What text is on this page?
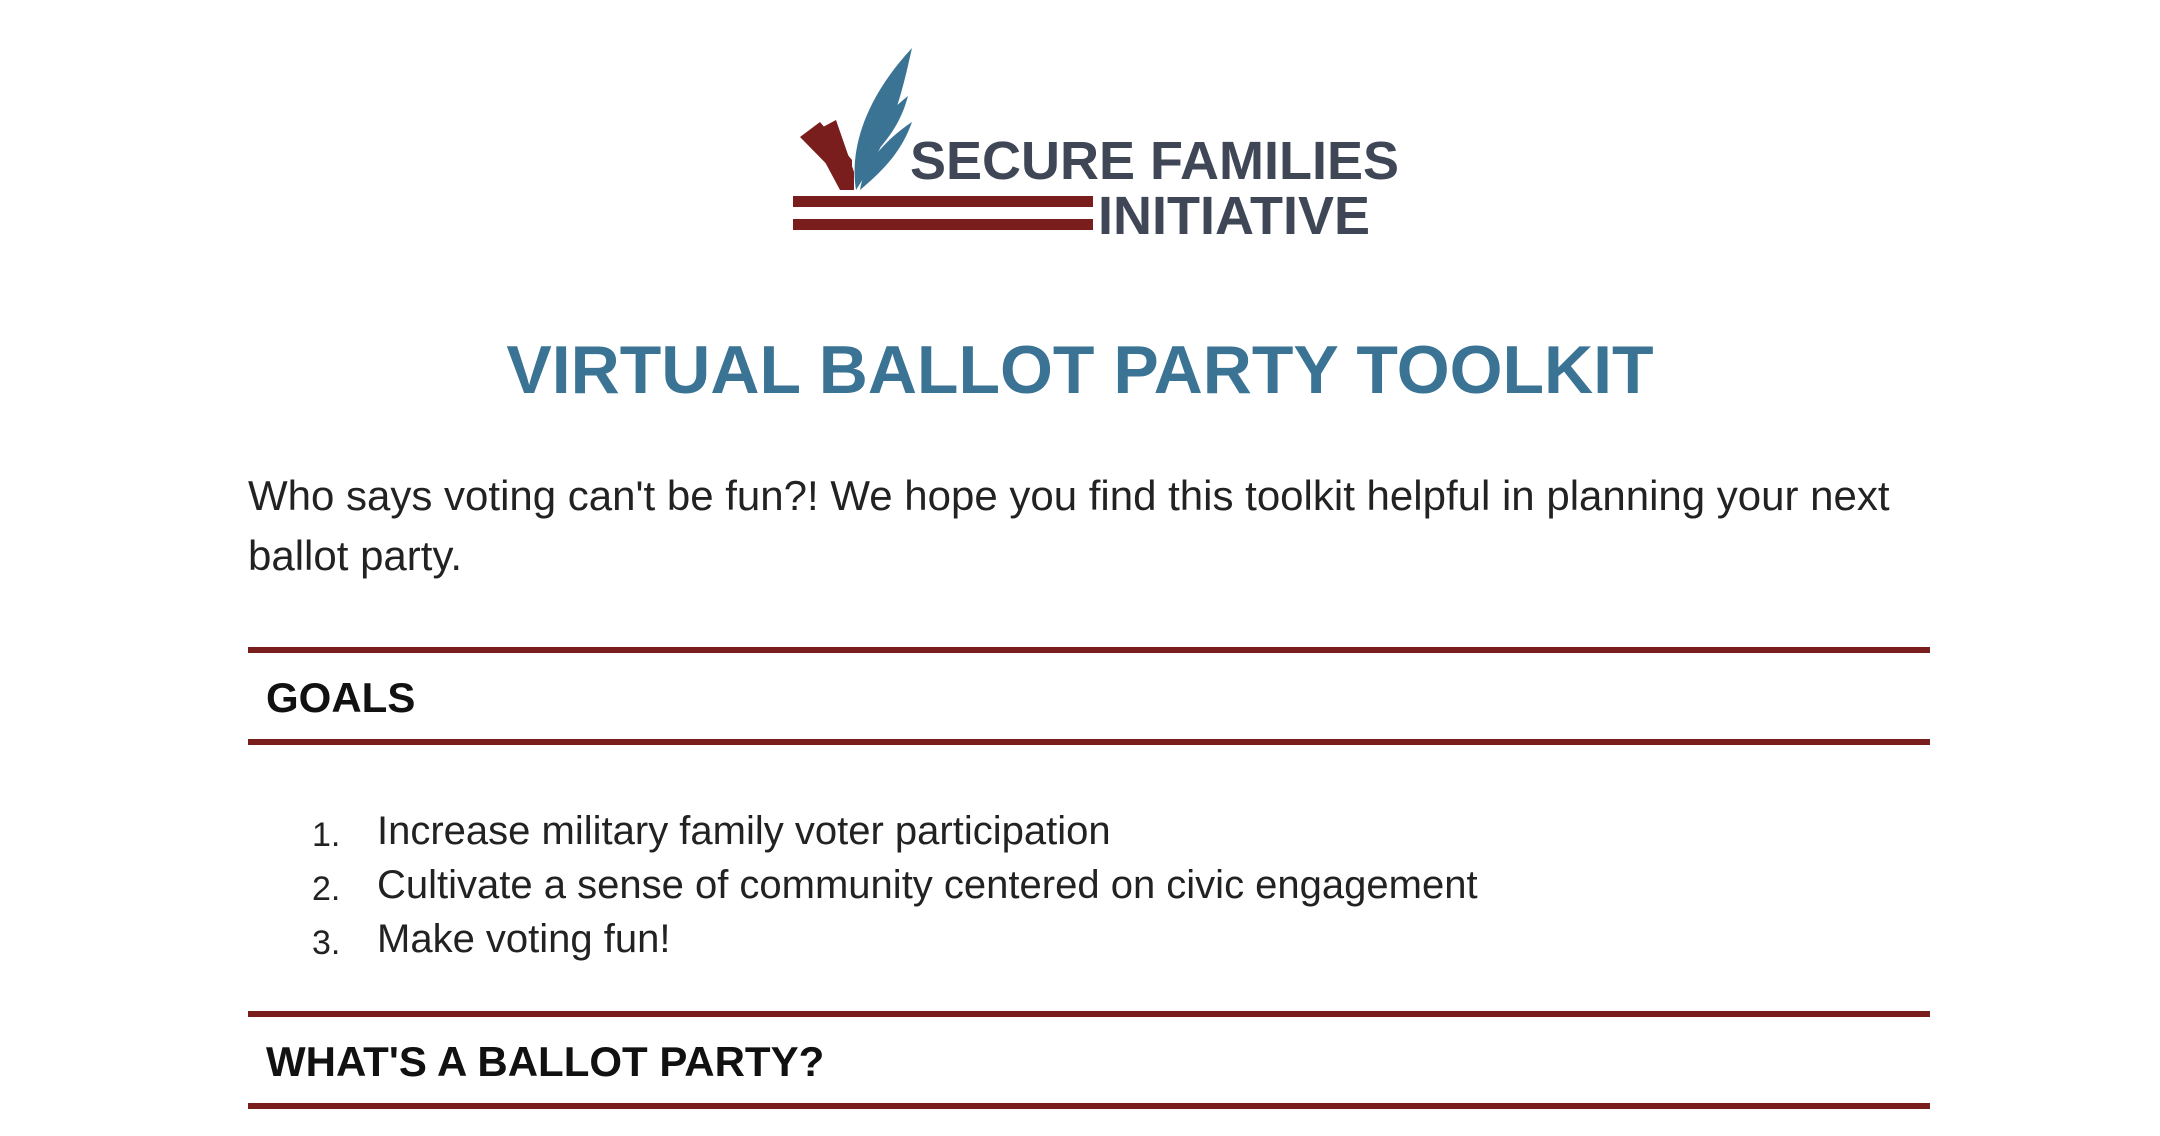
SECURE FAMILIES
INITIATIVE
VIRTUAL BALLOT PARTY TOOLKIT
Who says voting can't be fun?! We hope you find this toolkit helpful in planning your next ballot party.
GOALS
1. Increase military family voter participation
2. Cultivate a sense of community centered on civic engagement
3. Make voting fun!
WHAT'S A BALLOT PARTY?
